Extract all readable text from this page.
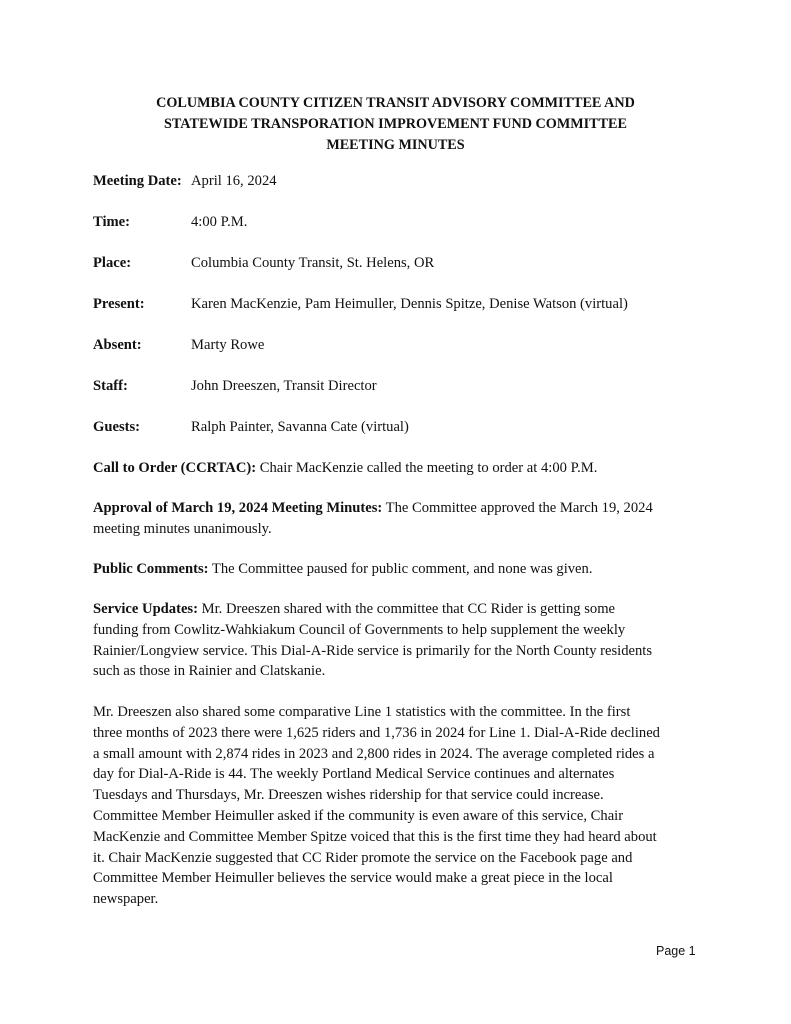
COLUMBIA COUNTY CITIZEN TRANSIT ADVISORY COMMITTEE AND
STATEWIDE TRANSPORATION IMPROVEMENT FUND COMMITTEE
MEETING MINUTES
Meeting Date: April 16, 2024
Time:	4:00 P.M.
Place:	Columbia County Transit, St. Helens, OR
Present:	Karen MacKenzie, Pam Heimuller, Dennis Spitze, Denise Watson (virtual)
Absent:	Marty Rowe
Staff:	John Dreeszen, Transit Director
Guests:	Ralph Painter, Savanna Cate (virtual)
Call to Order (CCRTAC): Chair MacKenzie called the meeting to order at 4:00 P.M.
Approval of March 19, 2024 Meeting Minutes: The Committee approved the March 19, 2024
meeting minutes unanimously.
Public Comments: The Committee paused for public comment, and none was given.
Service Updates: Mr. Dreeszen shared with the committee that CC Rider is getting some
funding from Cowlitz-Wahkiakum Council of Governments to help supplement the weekly
Rainier/Longview service. This Dial-A-Ride service is primarily for the North County residents
such as those in Rainier and Clatskanie.
Mr. Dreeszen also shared some comparative Line 1 statistics with the committee. In the first
three months of 2023 there were 1,625 riders and 1,736 in 2024 for Line 1. Dial-A-Ride declined
a small amount with 2,874 rides in 2023 and 2,800 rides in 2024. The average completed rides a
day for Dial-A-Ride is 44. The weekly Portland Medical Service continues and alternates
Tuesdays and Thursdays, Mr. Dreeszen wishes ridership for that service could increase.
Committee Member Heimuller asked if the community is even aware of this service, Chair
MacKenzie and Committee Member Spitze voiced that this is the first time they had heard about
it. Chair MacKenzie suggested that CC Rider promote the service on the Facebook page and
Committee Member Heimuller believes the service would make a great piece in the local
newspaper.
Page 1
